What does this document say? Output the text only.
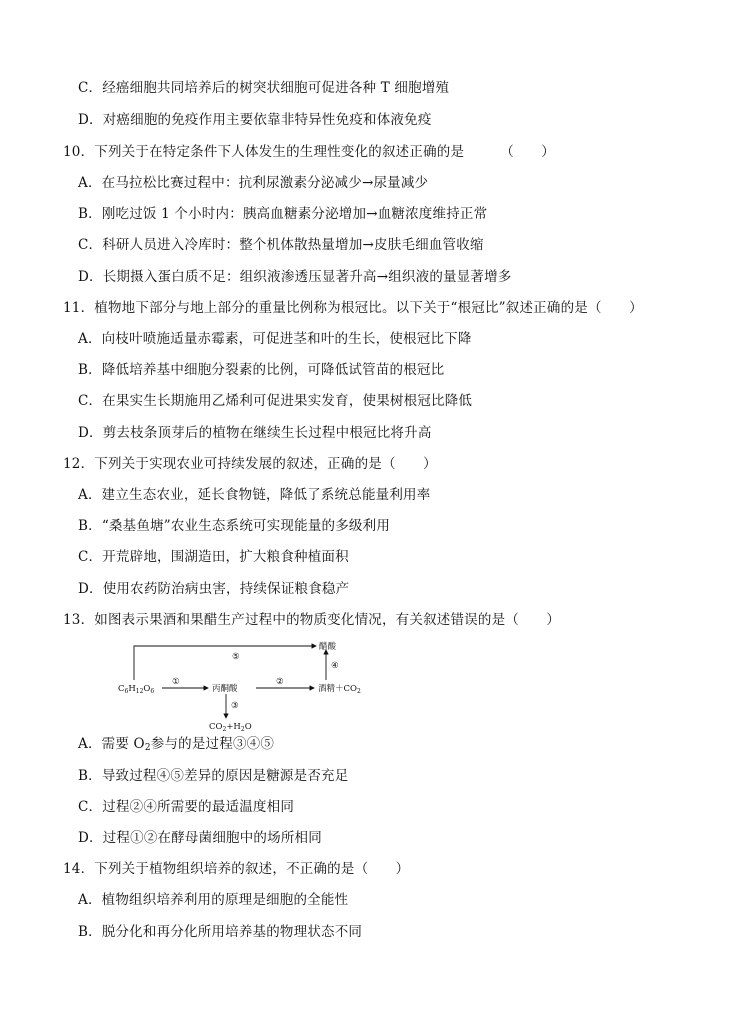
C．经癌细胞共同培养后的树突状细胞可促进各种 T 细胞增殖
D．对癌细胞的免疫作用主要依靠非特异性免疫和体液免疫
10．下列关于在特定条件下人体发生的生理性变化的叙述正确的是	（　　）
A．在马拉松比赛过程中：抗利尿激素分泌减少→尿量减少
B．刚吃过饭 1 个小时内：胰高血糖素分泌增加→血糖浓度维持正常
C．科研人员进入冷库时：整个机体散热量增加→皮肤毛细血管收缩
D．长期摄入蛋白质不足：组织液渗透压显著升高→组织液的量显著增多
11．植物地下部分与地上部分的重量比例称为根冠比。以下关于“根冠比”叙述正确的是（　　）
A．向枝叶喷施适量赤霉素，可促进茎和叶的生长，使根冠比下降
B．降低培养基中细胞分裂素的比例，可降低试管苗的根冠比
C．在果实生长期施用乙烯利可促进果实发育，使果树根冠比降低
D．剪去枝条顶芽后的植物在继续生长过程中根冠比将升高
12．下列关于实现农业可持续发展的叙述，正确的是（　　）
A．建立生态农业，延长食物链，降低了系统总能量利用率
B．“桑基鱼塘”农业生态系统可实现能量的多级利用
C．开荒辟地，围湖造田，扩大粮食种植面积
D．使用农药防治病虫害，持续保证粮食稳产
13．如图表示果酒和果醋生产过程中的物质变化情况，有关叙述错误的是（　　）
⑤
醋酸
$C_6H_{12}O_6$
①
丙酮酸
②
酒精$+CO_2$
④
③
$CO_2+H_2O$
A．需要 $O_2$参与的是过程③④⑤
B．导致过程④⑤差异的原因是糖源是否充足
C．过程②④所需要的最适温度相同
D．过程①②在酵母菌细胞中的场所相同
14．下列关于植物组织培养的叙述，不正确的是（　　）
A．植物组织培养利用的原理是细胞的全能性
B．脱分化和再分化所用培养基的物理状态不同
